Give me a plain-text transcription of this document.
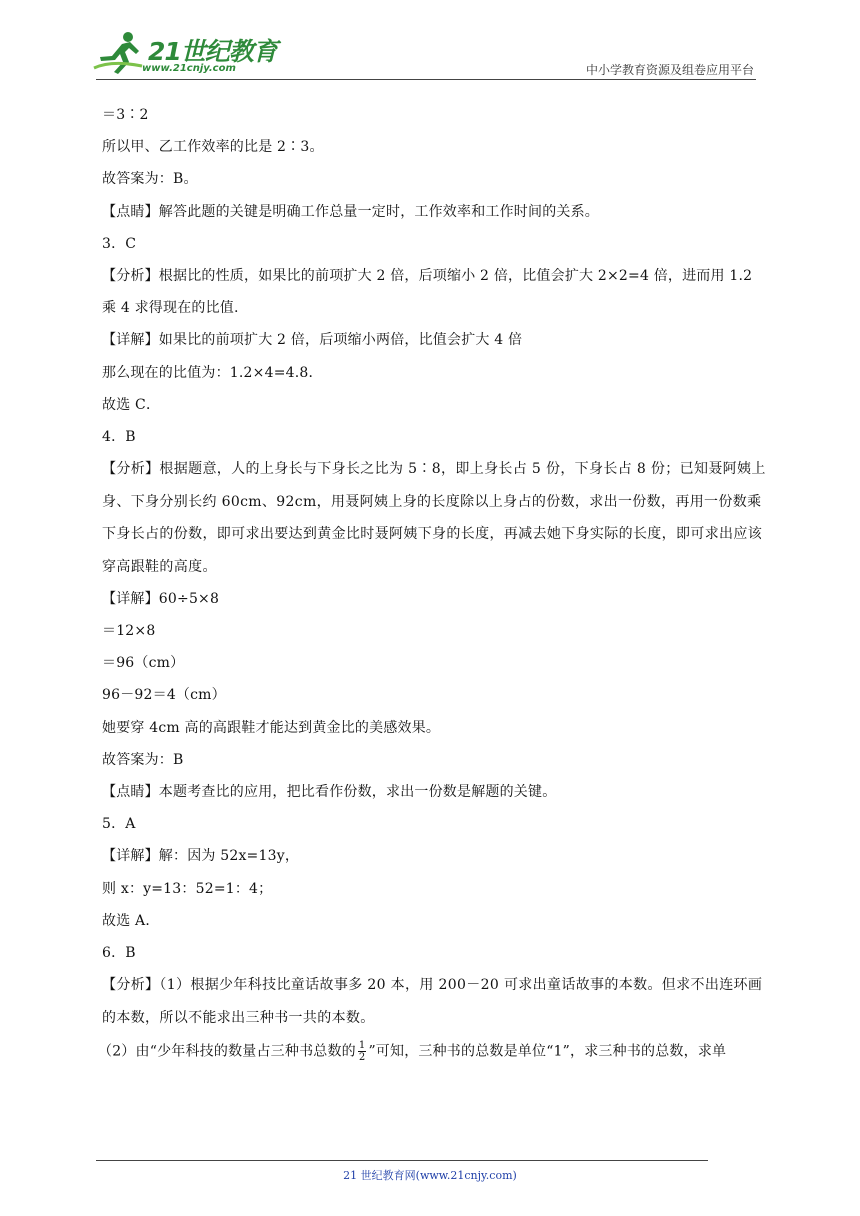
21世纪教育
www.21cnjy.com	中小学教育资源及组卷应用平台
＝3∶2
所以甲、乙工作效率的比是 2∶3。
故答案为：B。
【点睛】解答此题的关键是明确工作总量一定时，工作效率和工作时间的关系。
3．C
【分析】根据比的性质，如果比的前项扩大 2 倍，后项缩小 2 倍，比值会扩大 2×2=4 倍，进而用 1.2
乘 4 求得现在的比值.
【详解】如果比的前项扩大 2 倍，后项缩小两倍，比值会扩大 4 倍
那么现在的比值为：1.2×4=4.8．
故选 C．
4．B
【分析】根据题意，人的上身长与下身长之比为 5∶8，即上身长占 5 份，下身长占 8 份；已知聂阿姨上身、下身分别长约 60cm、92cm，用聂阿姨上身的长度除以上身占的份数，求出一份数，再用一份数乘下身长占的份数，即可求出要达到黄金比时聂阿姨下身的长度，再减去她下身实际的长度，即可求出应该穿高跟鞋的高度。
【详解】60÷5×8
＝12×8
＝96（cm）
96－92＝4（cm）
她要穿 4cm 高的高跟鞋才能达到黄金比的美感效果。
故答案为：B
【点睛】本题考查比的应用，把比看作份数，求出一份数是解题的关键。
5．A
【详解】解：因为 52x=13y，
则 x：y=13：52=1：4；
故选 A．
6．B
【分析】（1）根据少年科技比童话故事多 20 本，用 200－20 可求出童话故事的本数。但求不出连环画的本数，所以不能求出三种书一共的本数。
（2）由“少年科技的数量占三种书总数的 $\frac{1}{2}$ ”可知，三种书的总数是单位“1”，求三种书的总数，求单
21 世纪教育网(www.21cnjy.com)
